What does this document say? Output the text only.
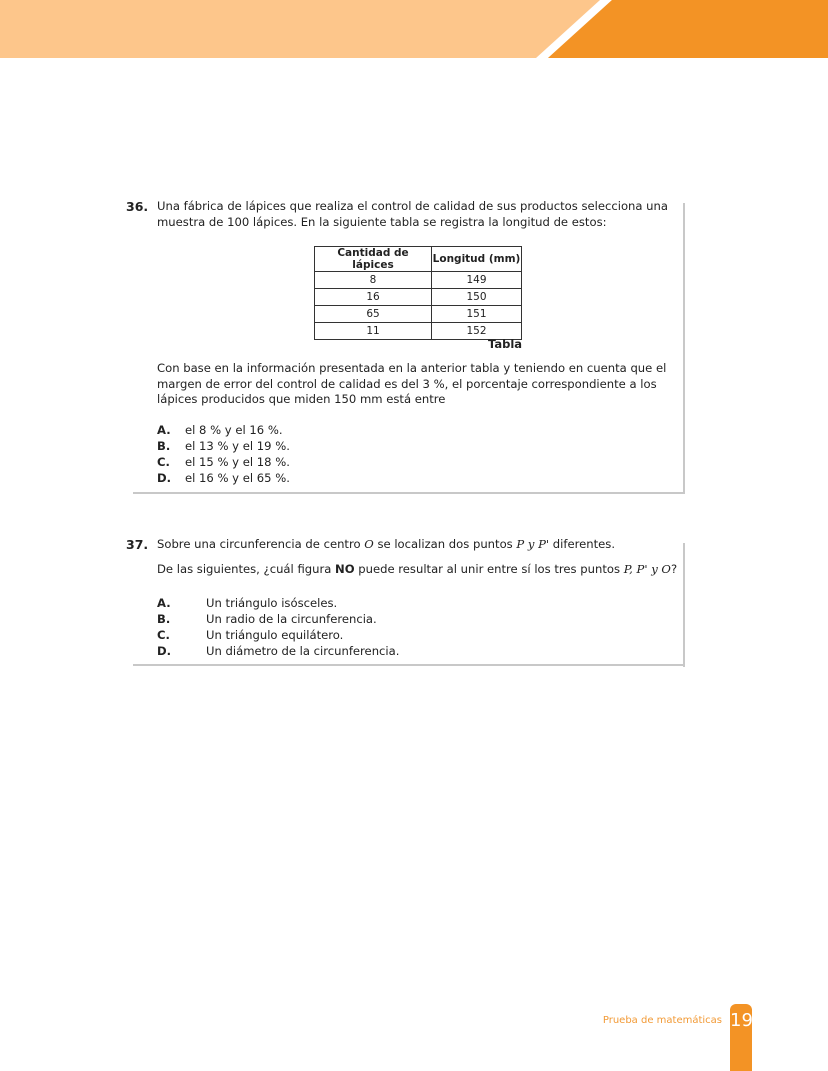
36. Una fábrica de lápices que realiza el control de calidad de sus productos selecciona una muestra de 100 lápices. En la siguiente tabla se registra la longitud de estos:
Cantidad de lápices	Longitud (mm)
8	149
16	150
65	151
11	152
Tabla
Con base en la información presentada en la anterior tabla y teniendo en cuenta que el margen de error del control de calidad es del 3 %, el porcentaje correspondiente a los lápices producidos que miden 150 mm está entre
A. el 8 % y el 16 %.
B. el 13 % y el 19 %.
C. el 15 % y el 18 %.
D. el 16 % y el 65 %.
37. Sobre una circunferencia de centro O se localizan dos puntos P y P' diferentes.
De las siguientes, ¿cuál figura NO puede resultar al unir entre sí los tres puntos P, P' y O?
A.	Un triángulo isósceles.
B.	Un radio de la circunferencia.
C.	Un triángulo equilátero.
D.	Un diámetro de la circunferencia.
Prueba de matemáticas 19
